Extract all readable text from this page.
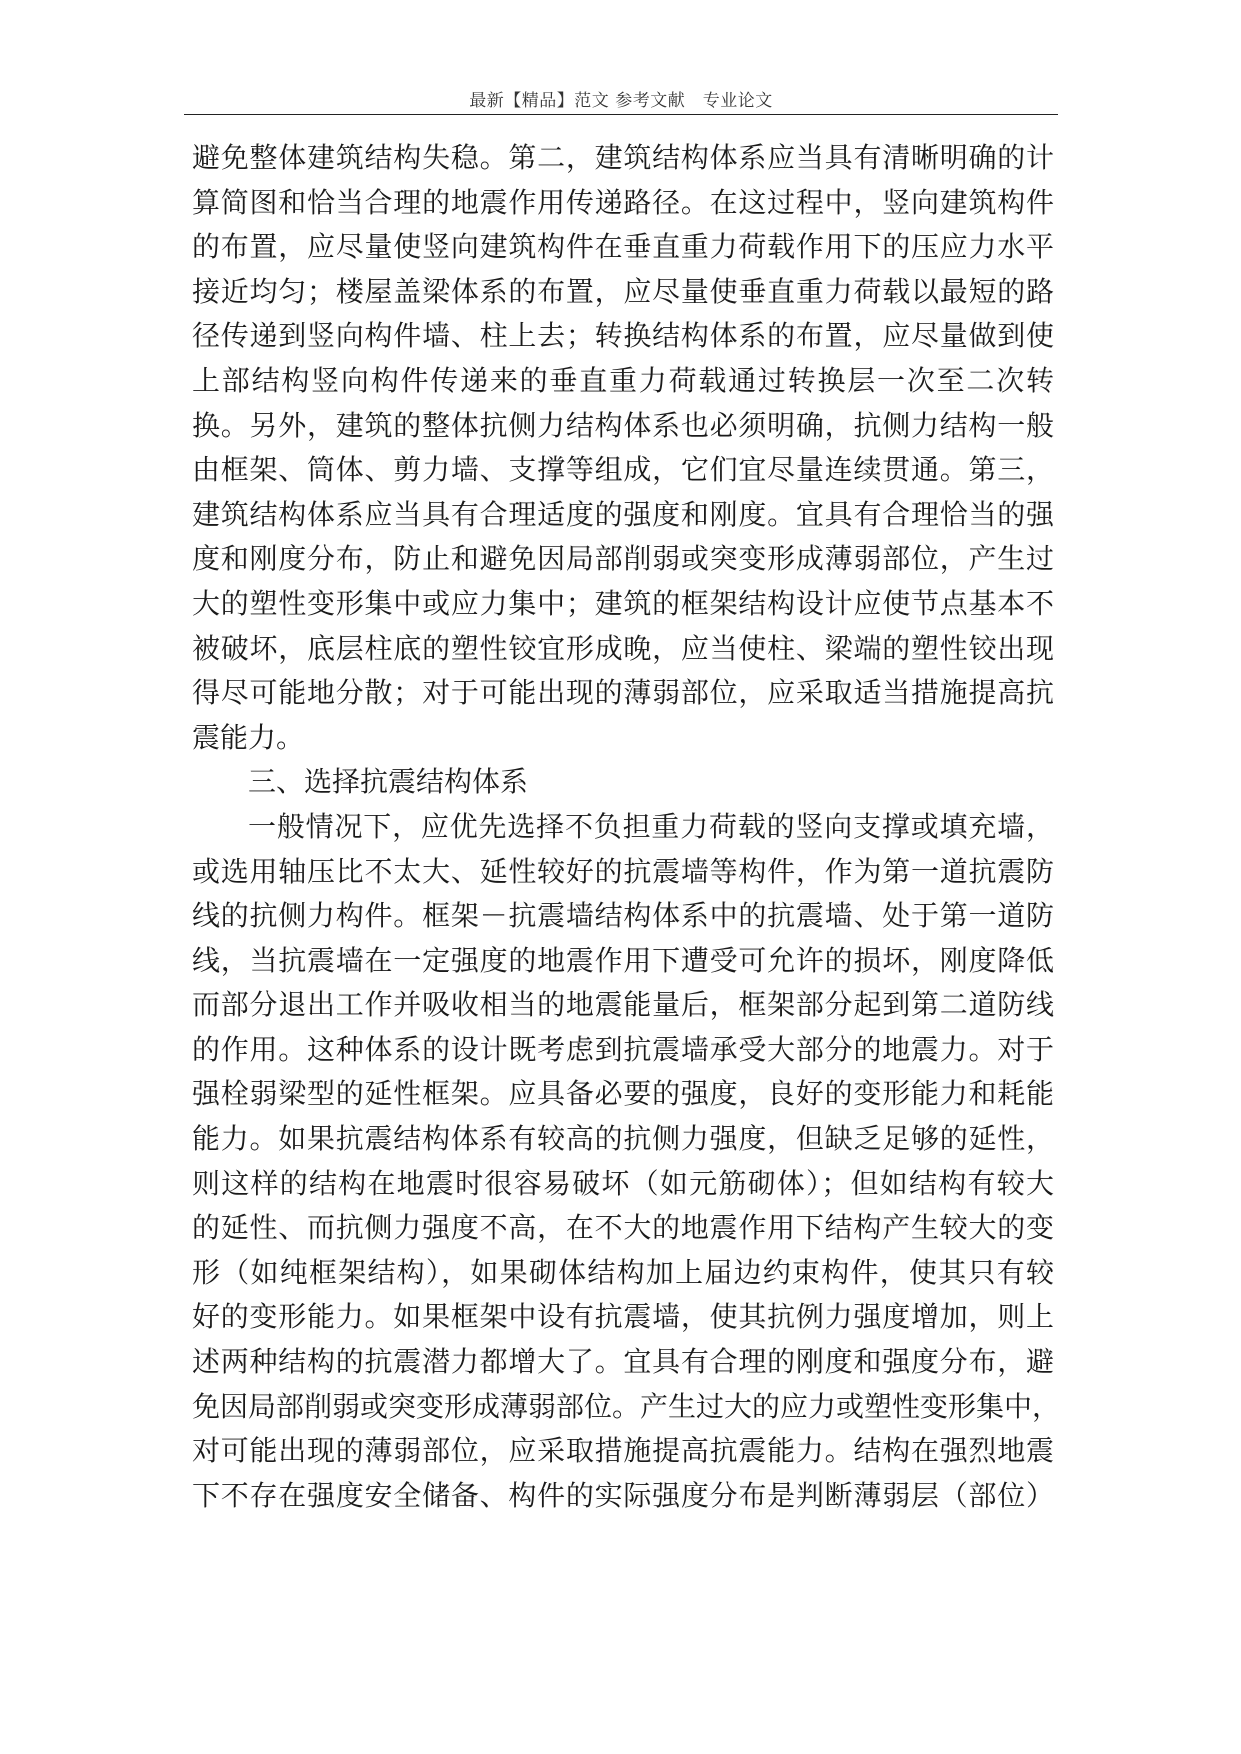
最新【精品】范文 参考文献　专业论文
避免整体建筑结构失稳。第二，建筑结构体系应当具有清晰明确的计
算简图和恰当合理的地震作用传递路径。在这过程中，竖向建筑构件
的布置，应尽量使竖向建筑构件在垂直重力荷载作用下的压应力水平
接近均匀；楼屋盖梁体系的布置，应尽量使垂直重力荷载以最短的路
径传递到竖向构件墙、柱上去；转换结构体系的布置，应尽量做到使
上部结构竖向构件传递来的垂直重力荷载通过转换层一次至二次转
换。另外，建筑的整体抗侧力结构体系也必须明确，抗侧力结构一般
由框架、筒体、剪力墙、支撑等组成，它们宜尽量连续贯通。第三，
建筑结构体系应当具有合理适度的强度和刚度。宜具有合理恰当的强
度和刚度分布，防止和避免因局部削弱或突变形成薄弱部位，产生过
大的塑性变形集中或应力集中；建筑的框架结构设计应使节点基本不
被破坏，底层柱底的塑性铰宜形成晚，应当使柱、梁端的塑性铰出现
得尽可能地分散；对于可能出现的薄弱部位，应采取适当措施提高抗
震能力。
三、选择抗震结构体系
一般情况下，应优先选择不负担重力荷载的竖向支撑或填充墙，
或选用轴压比不太大、延性较好的抗震墙等构件，作为第一道抗震防
线的抗侧力构件。框架－抗震墙结构体系中的抗震墙、处于第一道防
线，当抗震墙在一定强度的地震作用下遭受可允许的损坏，刚度降低
而部分退出工作并吸收相当的地震能量后，框架部分起到第二道防线
的作用。这种体系的设计既考虑到抗震墙承受大部分的地震力。对于
强栓弱梁型的延性框架。应具备必要的强度，良好的变形能力和耗能
能力。如果抗震结构体系有较高的抗侧力强度，但缺乏足够的延性，
则这样的结构在地震时很容易破坏（如元筋砌体）；但如结构有较大
的延性、而抗侧力强度不高，在不大的地震作用下结构产生较大的变
形（如纯框架结构），如果砌体结构加上届边约束构件，使其只有较
好的变形能力。如果框架中设有抗震墙，使其抗例力强度增加，则上
述两种结构的抗震潜力都增大了。宜具有合理的刚度和强度分布，避
免因局部削弱或突变形成薄弱部位。产生过大的应力或塑性变形集中，
对可能出现的薄弱部位，应采取措施提高抗震能力。结构在强烈地震
下不存在强度安全储备、构件的实际强度分布是判断薄弱层（部位）
